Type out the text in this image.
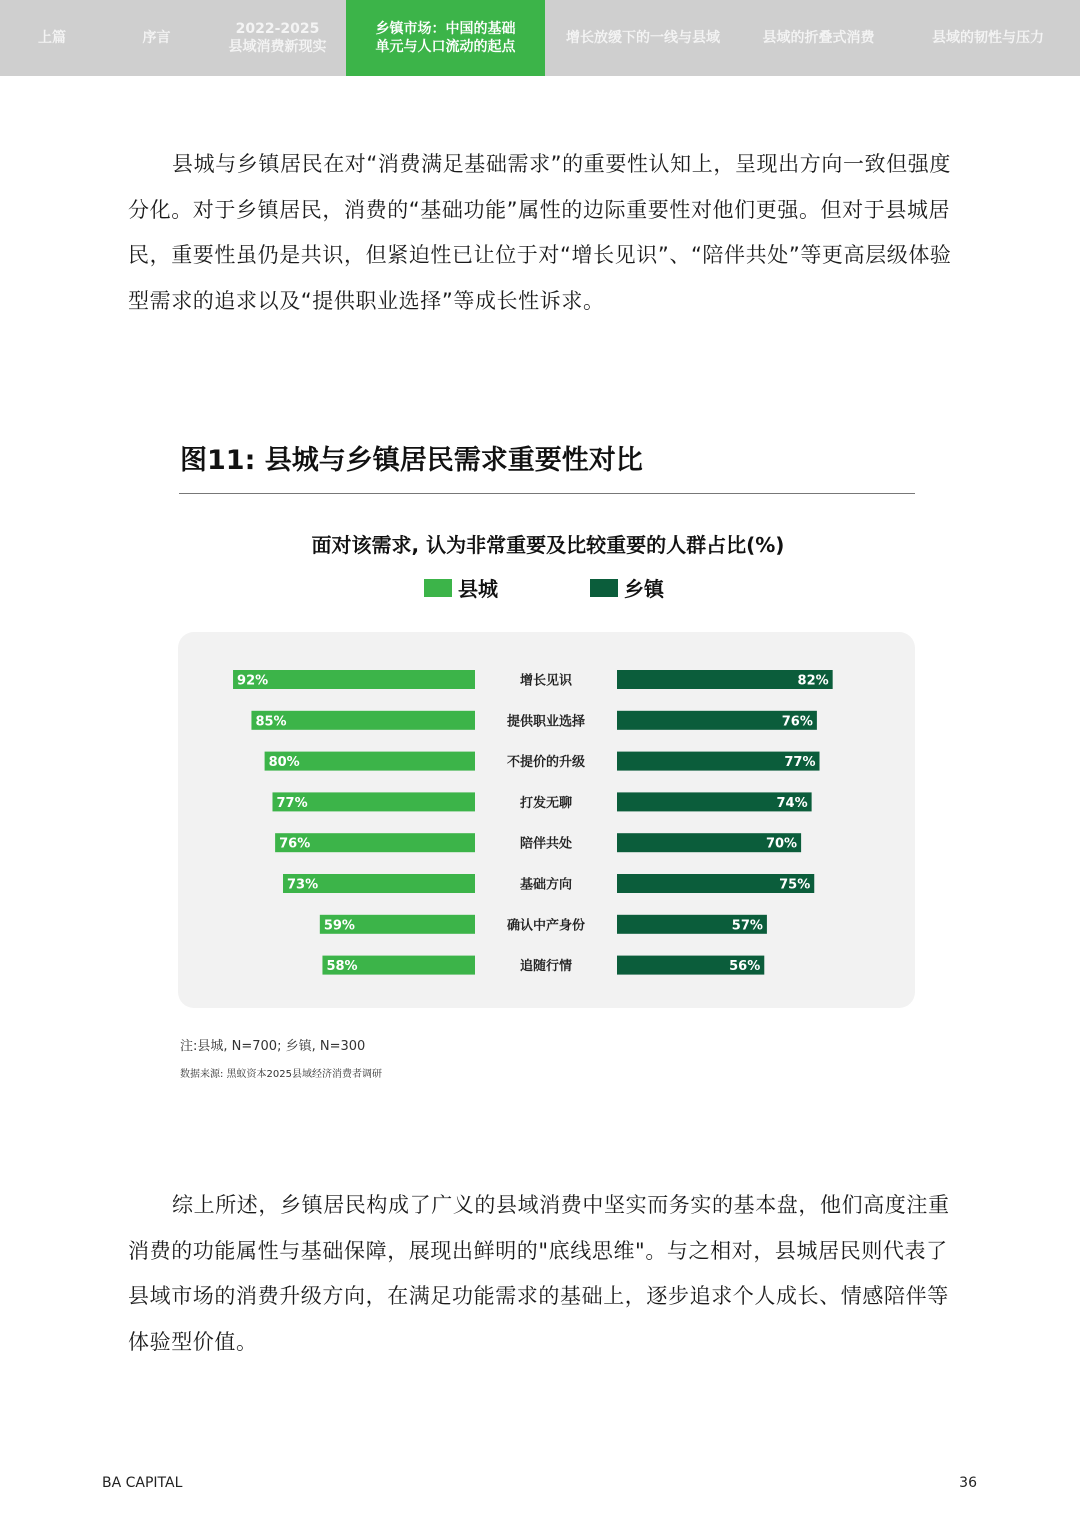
上篇	序言
2022-2025
县域消费新现实
乡镇市场：中国的基础
单元与人口流动的起点
增长放缓下的一线与县域	县域的折叠式消费	县域的韧性与压力

县城与乡镇居民在对“消费满足基础需求”的重要性认知上，呈现出方向一致但强度分化。对于乡镇居民，消费的“基础功能”属性的边际重要性对他们更强。但对于县城居民，重要性虽仍是共识，但紧迫性已让位于对“增长见识”、“陪伴共处”等更高层级体验型需求的追求以及“提供职业选择”等成长性诉求。

图11: 县城与乡镇居民需求重要性对比
面对该需求, 认为非常重要及比较重要的人群占比(%)
县城	乡镇
92%	增长见识	82%
85%	提供职业选择	76%
80%	不提价的升级	77%
77%	打发无聊	74%
76%	陪伴共处	70%
73%	基础方向	75%
59%	确认中产身份	57%
58%	追随行情	56%
注:县城, N=700; 乡镇, N=300
数据来源: 黑蚁资本2025县域经济消费者调研

综上所述，乡镇居民构成了广义的县域消费中坚实而务实的基本盘，他们高度注重消费的功能属性与基础保障，展现出鲜明的"底线思维"。与之相对，县城居民则代表了县域市场的消费升级方向，在满足功能需求的基础上，逐步追求个人成长、情感陪伴等体验型价值。

BA CAPITAL	36
